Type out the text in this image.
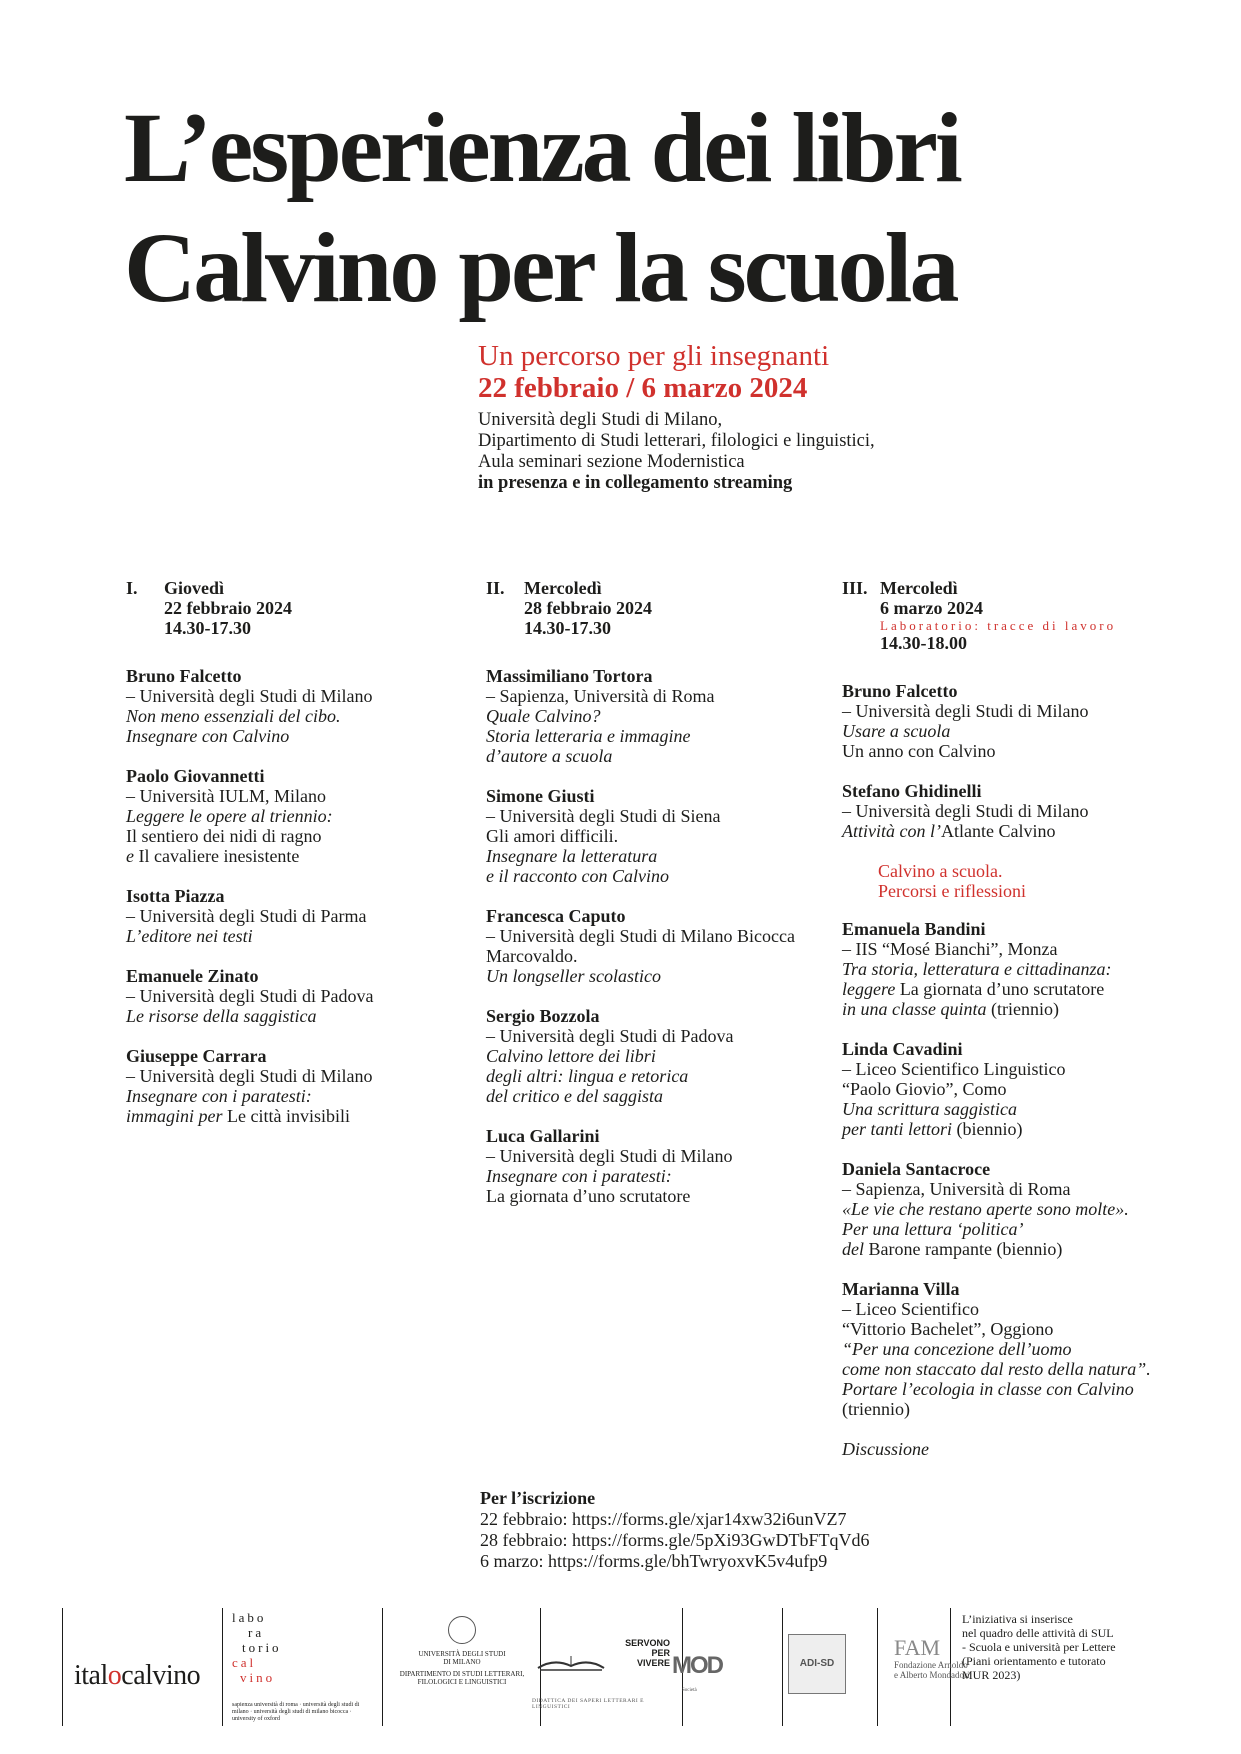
L’esperienza dei libri
Calvino per la scuola
Un percorso per gli insegnanti
22 febbraio / 6 marzo 2024
Università degli Studi di Milano,
Dipartimento di Studi letterari, filologici e linguistici,
Aula seminari sezione Modernistica
in presenza e in collegamento streaming
I. Giovedì
22 febbraio 2024
14.30-17.30
Bruno Falcetto
– Università degli Studi di Milano
Non meno essenziali del cibo.
Insegnare con Calvino
Paolo Giovannetti
– Università IULM, Milano
Leggere le opere al triennio:
Il sentiero dei nidi di ragno
e Il cavaliere inesistente
Isotta Piazza
– Università degli Studi di Parma
L’editore nei testi
Emanuele Zinato
– Università degli Studi di Padova
Le risorse della saggistica
Giuseppe Carrara
– Università degli Studi di Milano
Insegnare con i paratesti:
immagini per Le città invisibili
II. Mercoledì
28 febbraio 2024
14.30-17.30
Massimiliano Tortora
– Sapienza, Università di Roma
Quale Calvino?
Storia letteraria e immagine
d’autore a scuola
Simone Giusti
– Università degli Studi di Siena
Gli amori difficili.
Insegnare la letteratura
e il racconto con Calvino
Francesca Caputo
– Università degli Studi di Milano Bicocca
Marcovaldo.
Un longseller scolastico
Sergio Bozzola
– Università degli Studi di Padova
Calvino lettore dei libri
degli altri: lingua e retorica
del critico e del saggista
Luca Gallarini
– Università degli Studi di Milano
Insegnare con i paratesti:
La giornata d’uno scrutatore
III. Mercoledì
6 marzo 2024
Laboratorio: tracce di lavoro
14.30-18.00
Bruno Falcetto
– Università degli Studi di Milano
Usare a scuola
Un anno con Calvino
Stefano Ghidinelli
– Università degli Studi di Milano
Attività con l’Atlante Calvino
Calvino a scuola.
Percorsi e riflessioni
Emanuela Bandini
– IIS “Mosé Bianchi”, Monza
Tra storia, letteratura e cittadinanza:
leggere La giornata d’uno scrutatore
in una classe quinta (triennio)
Linda Cavadini
– Liceo Scientifico Linguistico
“Paolo Giovio”, Como
Una scrittura saggistica
per tanti lettori (biennio)
Daniela Santacroce
– Sapienza, Università di Roma
«Le vie che restano aperte sono molte».
Per una lettura ‘politica’
del Barone rampante (biennio)
Marianna Villa
– Liceo Scientifico
“Vittorio Bachelet”, Oggiono
“Per una concezione dell’uomo
come non staccato dal resto della natura”.
Portare l’ecologia in classe con Calvino
(triennio)
Discussione
Per l’iscrizione
22 febbraio: https://forms.gle/xjar14xw32i6unVZ7
28 febbraio: https://forms.gle/5pXi93GwDTbFTqVd6
6 marzo: https://forms.gle/bhTwryoxvK5v4ufp9
italocalvino
labo
ra
torio
cal
vino
sapienza università di roma · università degli studi di milano · università degli studi di milano bicocca · university of oxford
UNIVERSITÀ DEGLI STUDI
DI MILANO
DIPARTIMENTO DI STUDI LETTERARI,
FILOLOGICI E LINGUISTICI
SERVONO
PER
VIVERE
DIDATTICA DEI SAPERI LETTERARI E LINGUISTICI
MOD
Società
ADI-SD
FAM
Fondazione Arnoldo
e Alberto Mondadori
L’iniziativa si inserisce
nel quadro delle attività di SUL
- Scuola e università per Lettere
(Piani orientamento e tutorato
MUR 2023)
